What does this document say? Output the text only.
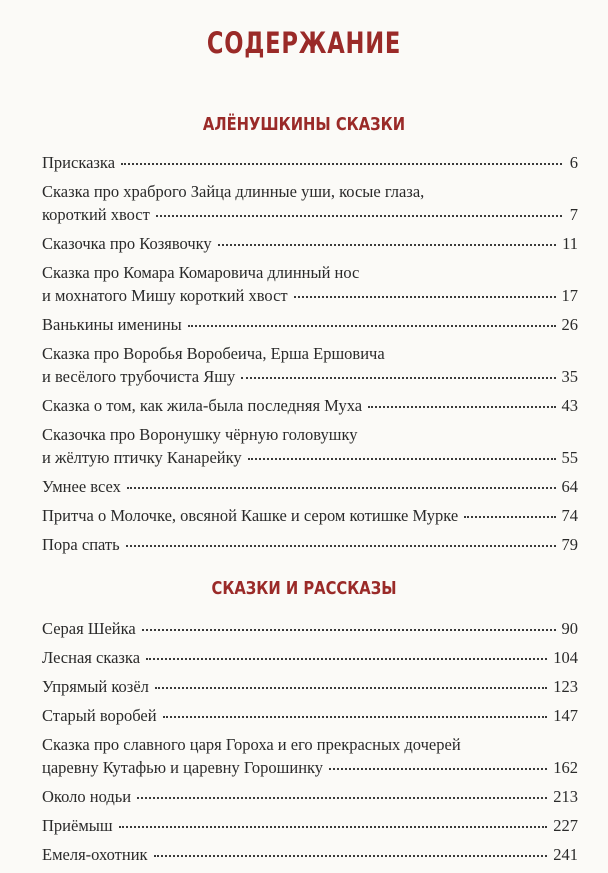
СОДЕРЖАНИЕ
АЛЁНУШКИНЫ СКАЗКИ
Присказка	6
Сказка про храброго Зайца длинные уши, косые глаза,
короткий хвост	7
Сказочка про Козявочку	11
Сказка про Комара Комаровича длинный нос
и мохнатого Мишу короткий хвост	17
Ванькины именины	26
Сказка про Воробья Воробеича, Ерша Ершовича
и весёлого трубочиста Яшу	35
Сказка о том, как жила-была последняя Муха	43
Сказочка про Воронушку чёрную головушку
и жёлтую птичку Канарейку	55
Умнее всех	64
Притча о Молочке, овсяной Кашке и сером котишке Мурке	74
Пора спать	79
СКАЗКИ И РАССКАЗЫ
Серая Шейка	90
Лесная сказка	104
Упрямый козёл	123
Старый воробей	147
Сказка про славного царя Гороха и его прекрасных дочерей
царевну Кутафью и царевну Горошинку	162
Около нодьи	213
Приёмыш	227
Емеля-охотник	241
